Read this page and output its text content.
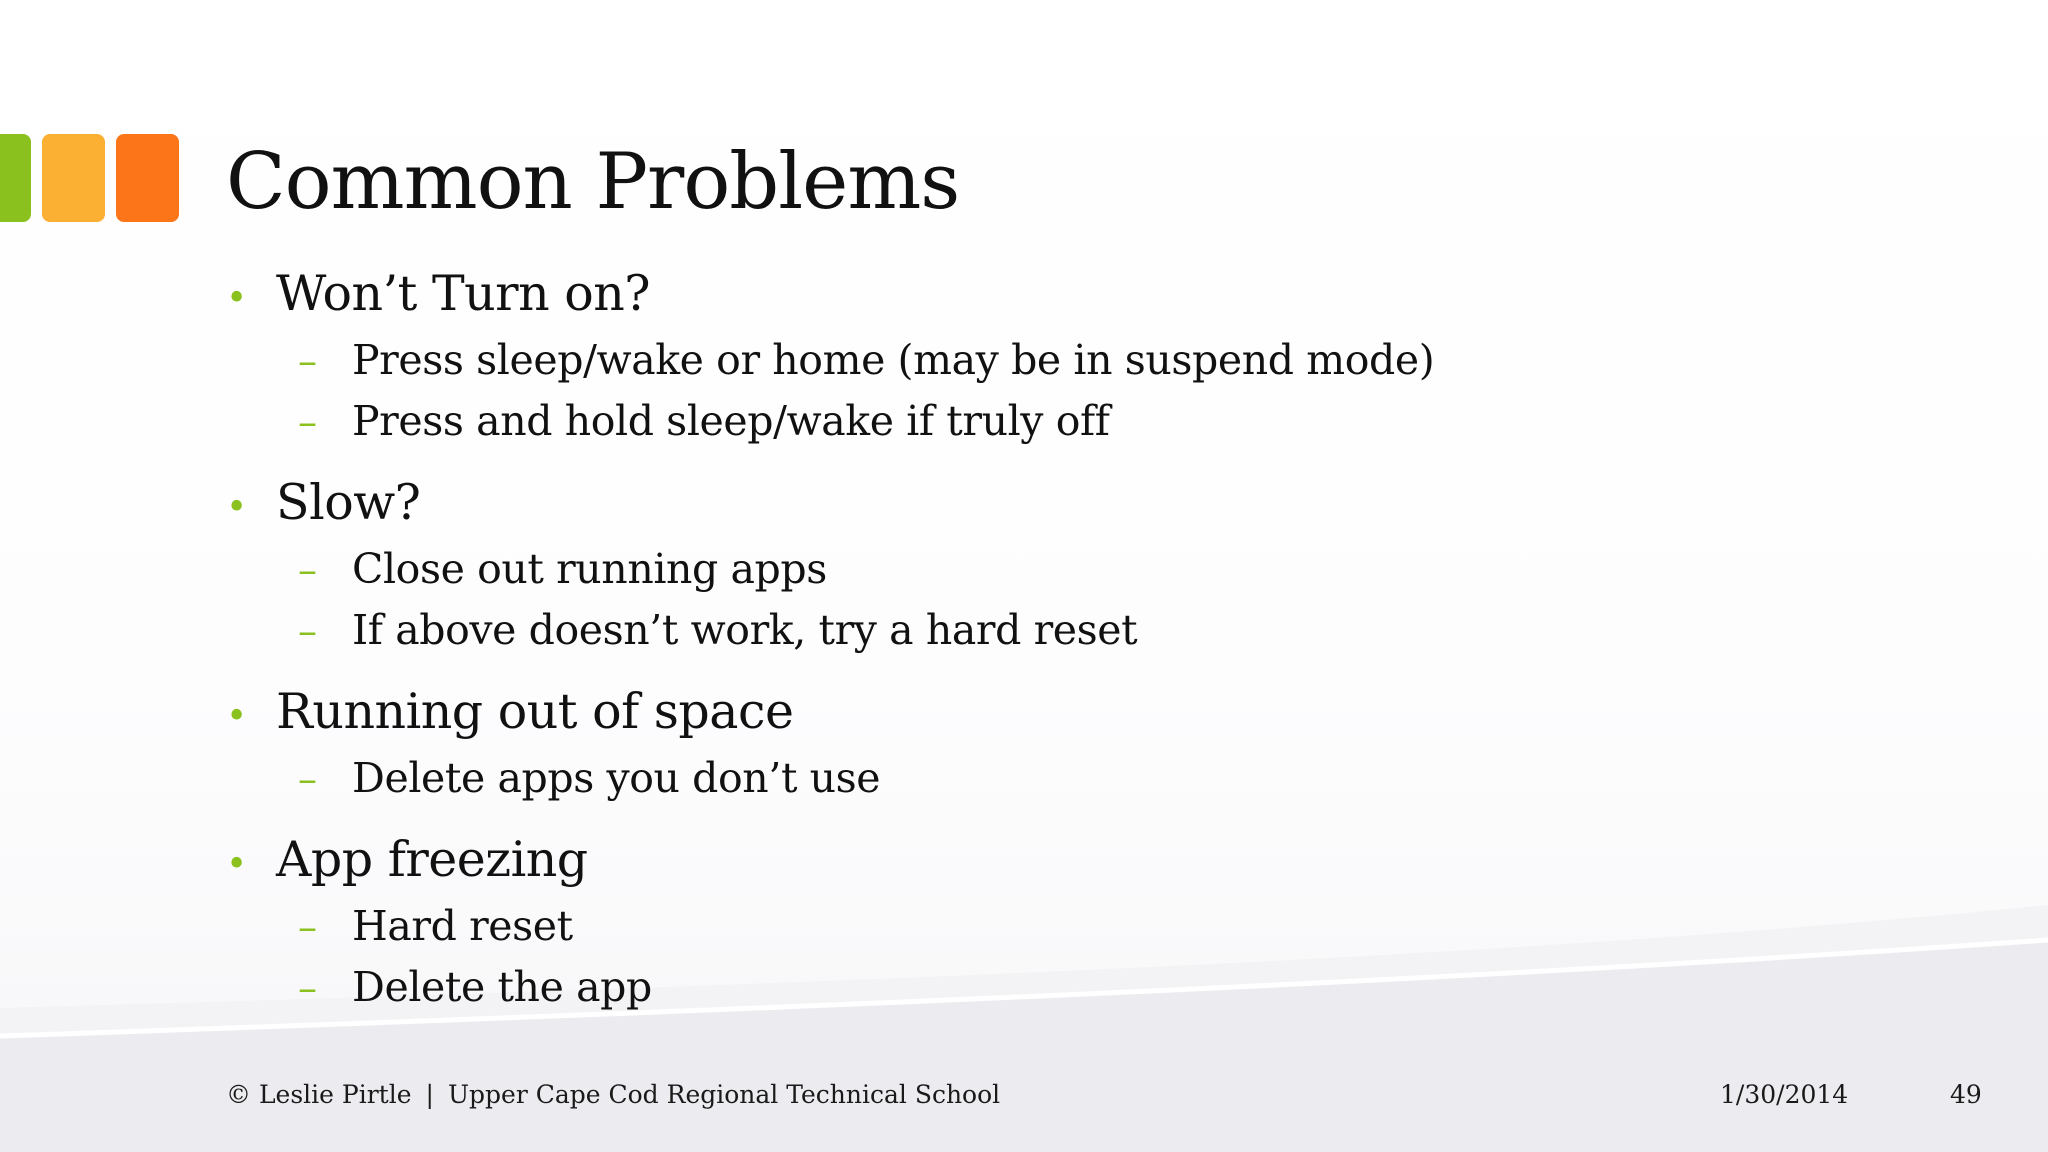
Common Problems
• Won’t Turn on?
– Press sleep/wake or home (may be in suspend mode)
– Press and hold sleep/wake if truly off
• Slow?
– Close out running apps
– If above doesn’t work, try a hard reset
• Running out of space
– Delete apps you don’t use
• App freezing
– Hard reset
– Delete the app
© Leslie Pirtle | Upper Cape Cod Regional Technical School	1/30/2014	49
